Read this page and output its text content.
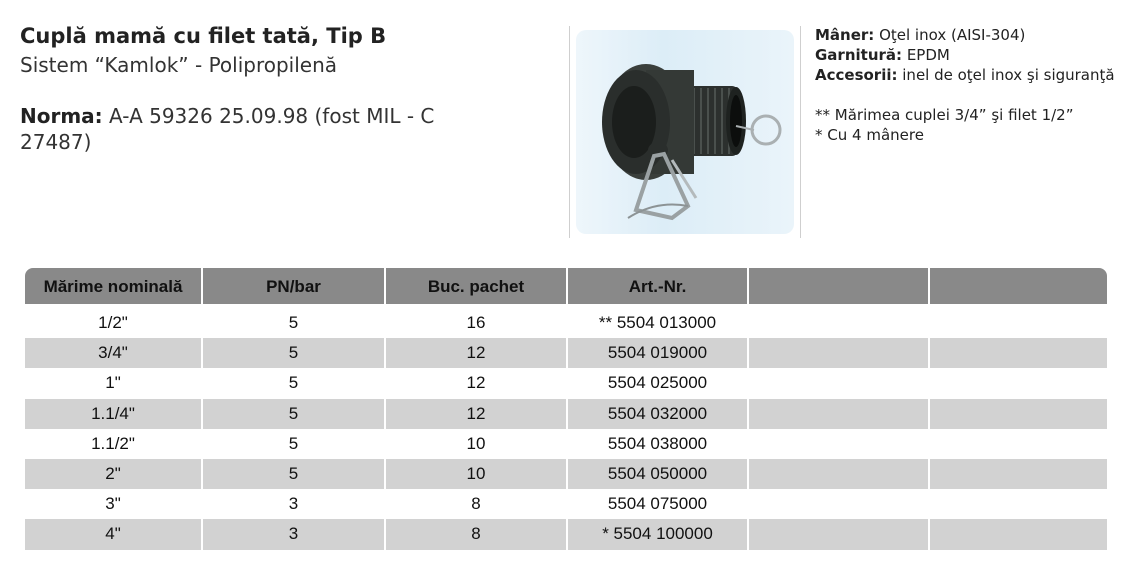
Cuplă mamă cu filet tată, Tip B
Sistem “Kamlok” - Polipropilenă
Norma: A-A 59326 25.09.98 (fost MIL - C 27487)
Mâner: Oţel inox (AISI-304)
Garnitură: EPDM
Accesorii: inel de oţel inox şi siguranţă
** Mărimea cuplei 3/4” şi filet 1/2”
* Cu 4 mânere
Mărime nominală	PN/bar	Buc. pachet	Art.-Nr.
1/2"	5	16	** 5504 013000
3/4"	5	12	5504 019000
1"	5	12	5504 025000
1.1/4"	5	12	5504 032000
1.1/2"	5	10	5504 038000
2"	5	10	5504 050000
3"	3	8	5504 075000
4"	3	8	* 5504 100000
